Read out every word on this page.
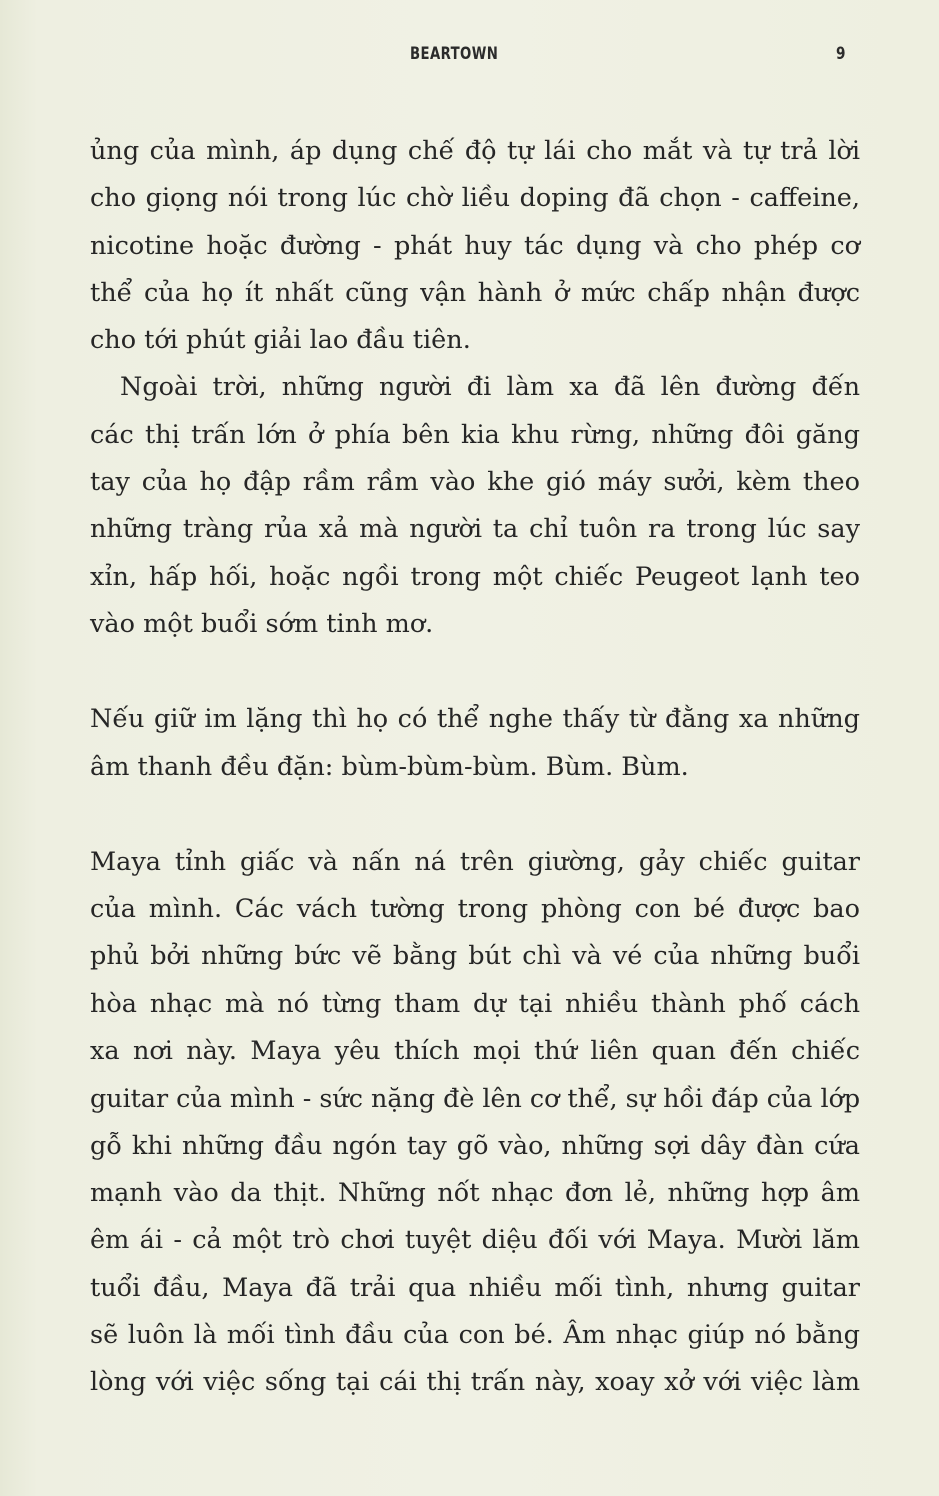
BEARTOWN	9
ủng của mình, áp dụng chế độ tự lái cho mắt và tự trả lời
cho giọng nói trong lúc chờ liều doping đã chọn - caffeine,
nicotine hoặc đường - phát huy tác dụng và cho phép cơ
thể của họ ít nhất cũng vận hành ở mức chấp nhận được
cho tới phút giải lao đầu tiên.
Ngoài trời, những người đi làm xa đã lên đường đến
các thị trấn lớn ở phía bên kia khu rừng, những đôi găng
tay của họ đập rầm rầm vào khe gió máy sưởi, kèm theo
những tràng rủa xả mà người ta chỉ tuôn ra trong lúc say
xỉn, hấp hối, hoặc ngồi trong một chiếc Peugeot lạnh teo
vào một buổi sớm tinh mơ.
Nếu giữ im lặng thì họ có thể nghe thấy từ đằng xa những
âm thanh đều đặn: bùm-bùm-bùm. Bùm. Bùm.
Maya tỉnh giấc và nấn ná trên giường, gảy chiếc guitar
của mình. Các vách tường trong phòng con bé được bao
phủ bởi những bức vẽ bằng bút chì và vé của những buổi
hòa nhạc mà nó từng tham dự tại nhiều thành phố cách
xa nơi này. Maya yêu thích mọi thứ liên quan đến chiếc
guitar của mình - sức nặng đè lên cơ thể, sự hồi đáp của lớp
gỗ khi những đầu ngón tay gõ vào, những sợi dây đàn cứa
mạnh vào da thịt. Những nốt nhạc đơn lẻ, những hợp âm
êm ái - cả một trò chơi tuyệt diệu đối với Maya. Mười lăm
tuổi đầu, Maya đã trải qua nhiều mối tình, nhưng guitar
sẽ luôn là mối tình đầu của con bé. Âm nhạc giúp nó bằng
lòng với việc sống tại cái thị trấn này, xoay xở với việc làm
